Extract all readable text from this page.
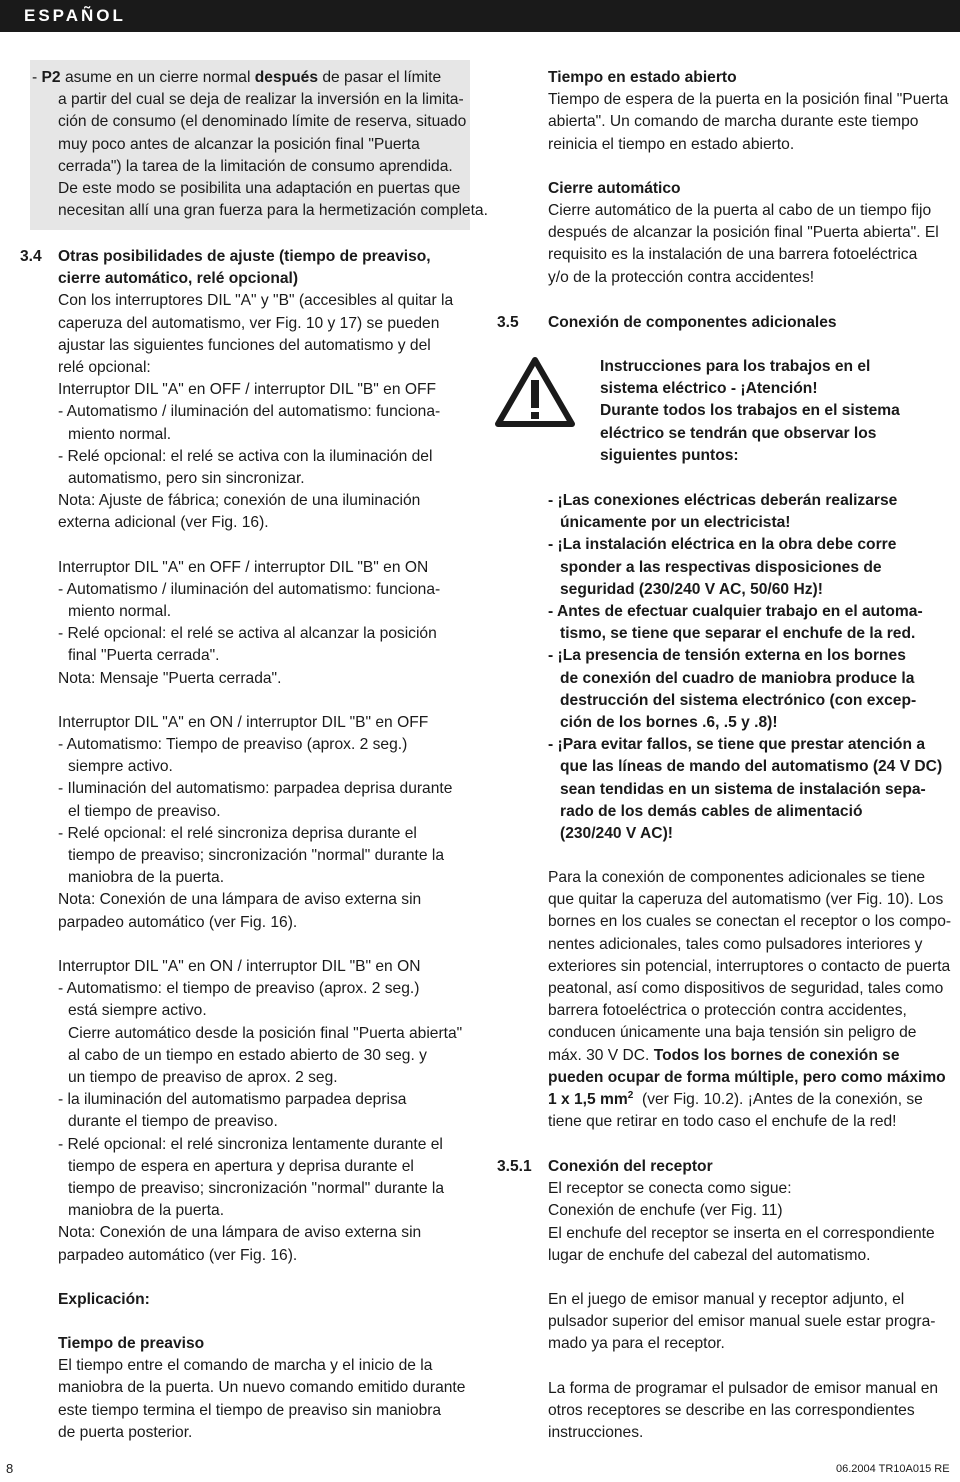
ESPAÑOL
- P2 asume en un cierre normal después de pasar el límite
a partir del cual se deja de realizar la inversión en la limita-
ción de consumo (el denominado límite de reserva, situado
muy poco antes de alcanzar la posición final "Puerta
cerrada") la tarea de la limitación de consumo aprendida.
De este modo se posibilita una adaptación en puertas que
necesitan allí una gran fuerza para la hermetización completa.
3.4 Otras posibilidades de ajuste (tiempo de preaviso,
cierre automático, relé opcional)
Con los interruptores DIL "A" y "B" (accesibles al quitar la
caperuza del automatismo, ver Fig. 10 y 17) se pueden
ajustar las siguientes funciones del automatismo y del
relé opcional:
Interruptor DIL "A" en OFF / interruptor DIL "B" en OFF
- Automatismo / iluminación del automatismo: funciona-
miento normal.
- Relé opcional: el relé se activa con la iluminación del
automatismo, pero sin sincronizar.
Nota: Ajuste de fábrica; conexión de una iluminación
externa adicional (ver Fig. 16).
Interruptor DIL "A" en OFF / interruptor DIL "B" en ON
- Automatismo / iluminación del automatismo: funciona-
miento normal.
- Relé opcional: el relé se activa al alcanzar la posición
final "Puerta cerrada".
Nota: Mensaje "Puerta cerrada".
Interruptor DIL "A" en ON / interruptor DIL "B" en OFF
- Automatismo: Tiempo de preaviso (aprox. 2 seg.)
siempre activo.
- Iluminación del automatismo: parpadea deprisa durante
el tiempo de preaviso.
- Relé opcional: el relé sincroniza deprisa durante el
tiempo de preaviso; sincronización "normal" durante la
maniobra de la puerta.
Nota: Conexión de una lámpara de aviso externa sin
parpadeo automático (ver Fig. 16).
Interruptor DIL "A" en ON / interruptor DIL "B" en ON
- Automatismo: el tiempo de preaviso (aprox. 2 seg.)
está siempre activo.
Cierre automático desde la posición final "Puerta abierta"
al cabo de un tiempo en estado abierto de 30 seg. y
un tiempo de preaviso de aprox. 2 seg.
- la iluminación del automatismo parpadea deprisa
durante el tiempo de preaviso.
- Relé opcional: el relé sincroniza lentamente durante el
tiempo de espera en apertura y deprisa durante el
tiempo de preaviso; sincronización "normal" durante la
maniobra de la puerta.
Nota: Conexión de una lámpara de aviso externa sin
parpadeo automático (ver Fig. 16).
Explicación:
Tiempo de preaviso
El tiempo entre el comando de marcha y el inicio de la
maniobra de la puerta. Un nuevo comando emitido durante
este tiempo termina el tiempo de preaviso sin maniobra
de puerta posterior.
Tiempo en estado abierto
Tiempo de espera de la puerta en la posición final "Puerta
abierta". Un comando de marcha durante este tiempo
reinicia el tiempo en estado abierto.
Cierre automático
Cierre automático de la puerta al cabo de un tiempo fijo
después de alcanzar la posición final "Puerta abierta". El
requisito es la instalación de una barrera fotoeléctrica
y/o de la protección contra accidentes!
3.5 Conexión de componentes adicionales
Instrucciones para los trabajos en el
sistema eléctrico - ¡Atención!
Durante todos los trabajos en el sistema
eléctrico se tendrán que observar los
siguientes puntos:
- ¡Las conexiones eléctricas deberán realizarse
únicamente por un electricista!
- ¡La instalación eléctrica en la obra debe corre
sponder a las respectivas disposiciones de
seguridad (230/240 V AC, 50/60 Hz)!
- Antes de efectuar cualquier trabajo en el automa-
tismo, se tiene que separar el enchufe de la red.
- ¡La presencia de tensión externa en los bornes
de conexión del cuadro de maniobra produce la
destrucción del sistema electrónico (con excep-
ción de los bornes .6, .5 y .8)!
- ¡Para evitar fallos, se tiene que prestar atención a
que las líneas de mando del automatismo (24 V DC)
sean tendidas en un sistema de instalación sepa-
rado de los demás cables de alimentació
(230/240 V AC)!
Para la conexión de componentes adicionales se tiene
que quitar la caperuza del automatismo (ver Fig. 10). Los
bornes en los cuales se conectan el receptor o los compo-
nentes adicionales, tales como pulsadores interiores y
exteriores sin potencial, interruptores o contacto de puerta
peatonal, así como dispositivos de seguridad, tales como
barrera fotoeléctrica o protección contra accidentes,
conducen únicamente una baja tensión sin peligro de
máx. 30 V DC. Todos los bornes de conexión se
pueden ocupar de forma múltiple, pero como máximo
1 x 1,5 $mm^2$ (ver Fig. 10.2). ¡Antes de la conexión, se
tiene que retirar en todo caso el enchufe de la red!
3.5.1 Conexión del receptor
El receptor se conecta como sigue:
Conexión de enchufe (ver Fig. 11)
El enchufe del receptor se inserta en el correspondiente
lugar de enchufe del cabezal del automatismo.
En el juego de emisor manual y receptor adjunto, el
pulsador superior del emisor manual suele estar progra-
mado ya para el receptor.
La forma de programar el pulsador de emisor manual en
otros receptores se describe en las correspondientes
instrucciones.
8	06.2004 TR10A015 RE
